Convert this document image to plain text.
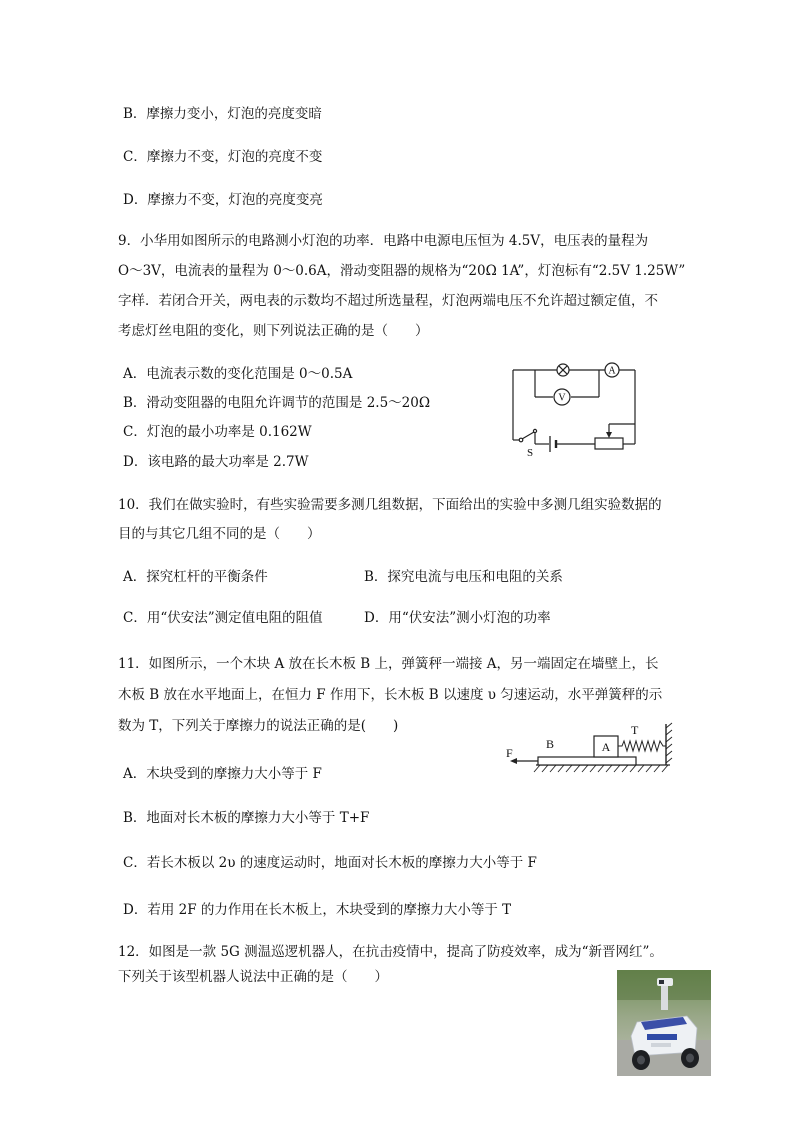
B．摩擦力变小，灯泡的亮度变暗
C．摩擦力不变，灯泡的亮度不变
D．摩擦力不变，灯泡的亮度变亮
9．小华用如图所示的电路测小灯泡的功率．电路中电源电压恒为 4.5V，电压表的量程为
O～3V，电流表的量程为 0～0.6A，滑动变阻器的规格为“20Ω 1A”，灯泡标有“2.5V 1.25W”
字样．若闭合开关，两电表的示数均不超过所选量程，灯泡两端电压不允许超过额定值，不
考虑灯丝电阻的变化，则下列说法正确的是（　　）
A．电流表示数的变化范围是 0～0.5A
B．滑动变阻器的电阻允许调节的范围是 2.5～20Ω
C．灯泡的最小功率是 0.162W
D．该电路的最大功率是 2.7W
A
V
S
10．我们在做实验时，有些实验需要多测几组数据，下面给出的实验中多测几组实验数据的
目的与其它几组不同的是（　　）
A．探究杠杆的平衡条件	B．探究电流与电压和电阻的关系
C．用“伏安法”测定值电阻的阻值	D．用“伏安法”测小灯泡的功率
11．如图所示，一个木块 A 放在长木板 B 上，弹簧秤一端接 A，另一端固定在墙壁上，长
木板 B 放在水平地面上，在恒力 F 作用下，长木板 B 以速度 υ 匀速运动，水平弹簧秤的示
数为 T，下列关于摩擦力的说法正确的是(　　)
B	A
T
F
A．木块受到的摩擦力大小等于 F
B．地面对长木板的摩擦力大小等于 T+F
C．若长木板以 2υ 的速度运动时，地面对长木板的摩擦力大小等于 F
D．若用 2F 的力作用在长木板上，木块受到的摩擦力大小等于 T
12．如图是一款 5G 测温巡逻机器人，在抗击疫情中，提高了防疫效率，成为“新晋网红”。
下列关于该型机器人说法中正确的是（　　）
